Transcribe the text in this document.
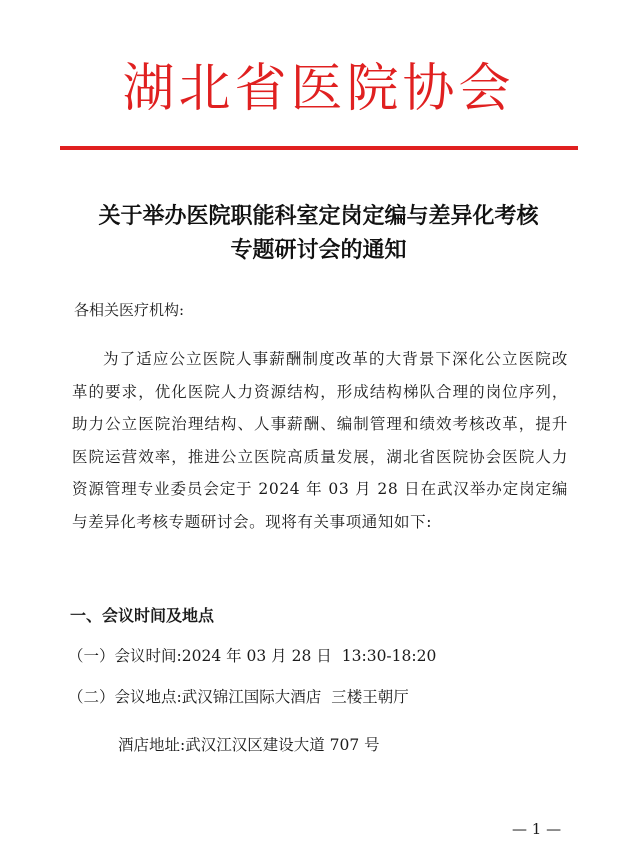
湖北省医院协会
关于举办医院职能科室定岗定编与差异化考核
专题研讨会的通知
各相关医疗机构:
为了适应公立医院人事薪酬制度改革的大背景下深化公立医院改革的要求，优化医院人力资源结构，形成结构梯队合理的岗位序列，助力公立医院治理结构、人事薪酬、编制管理和绩效考核改革，提升医院运营效率，推进公立医院高质量发展，湖北省医院协会医院人力资源管理专业委员会定于 2024 年 03 月 28 日在武汉举办定岗定编与差异化考核专题研讨会。现将有关事项通知如下:
一、会议时间及地点
（一）会议时间:2024 年 03 月 28 日 13:30-18:20
（二）会议地点:武汉锦江国际大酒店 三楼王朝厅
酒店地址:武汉江汉区建设大道 707 号
— 1 —
